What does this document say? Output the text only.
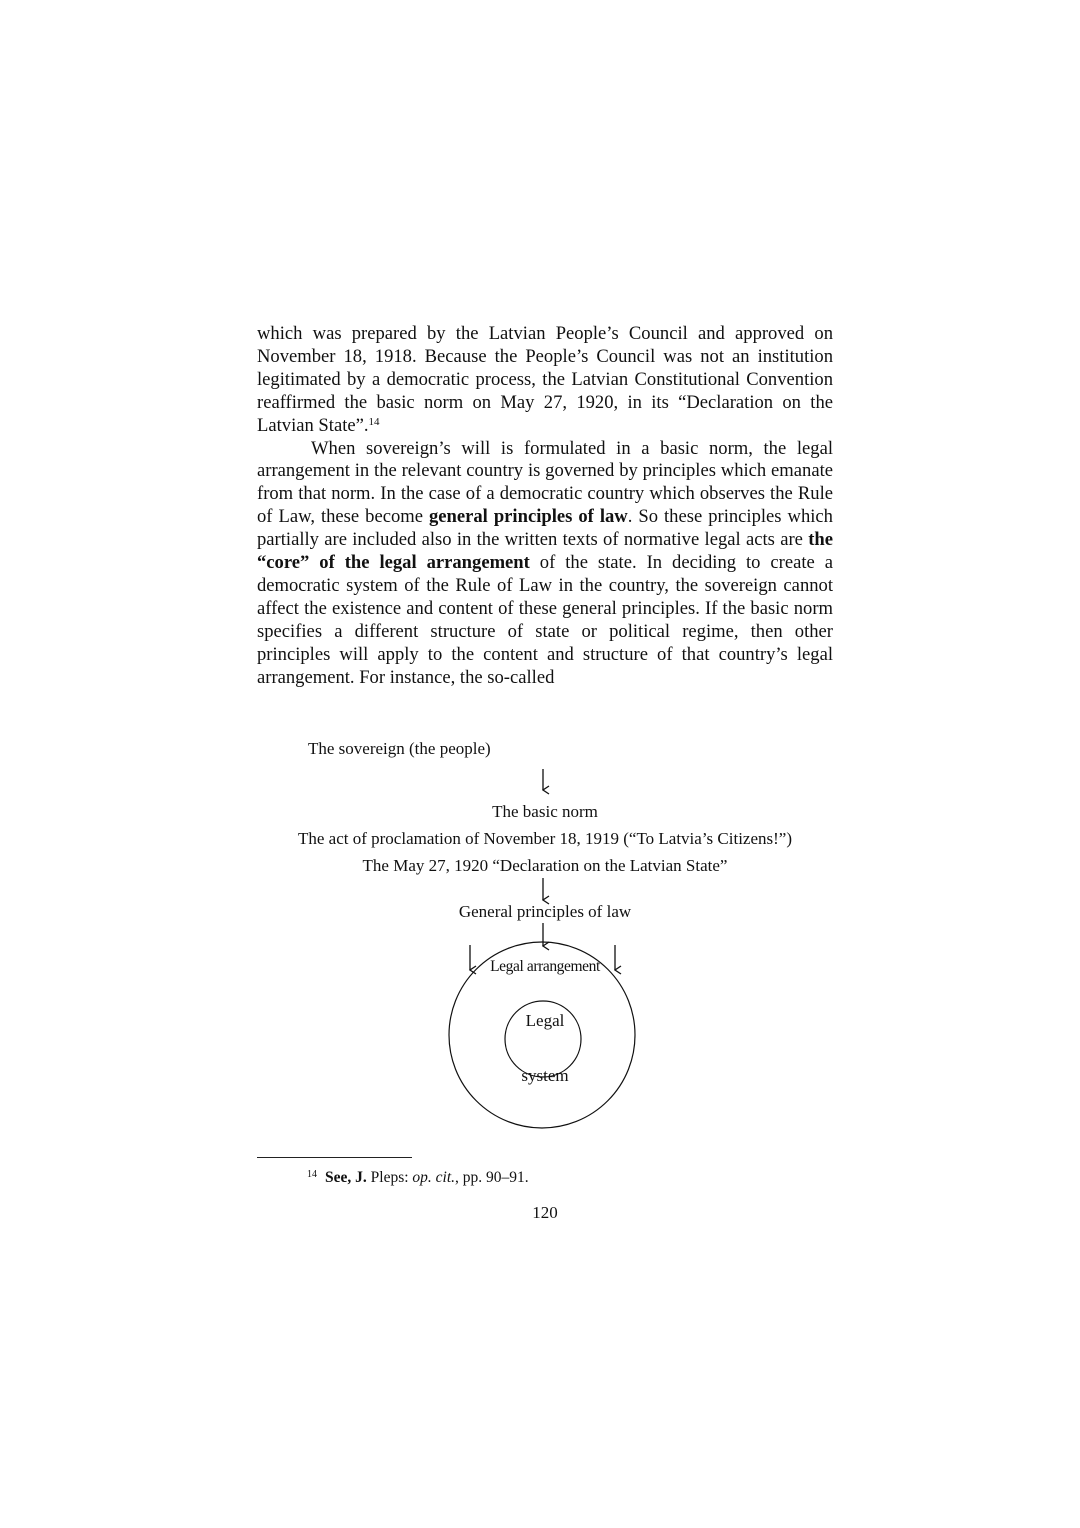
which was prepared by the Latvian People’s Council and approved on November 18, 1918. Because the People’s Council was not an institution legitimated by a democratic process, the Latvian Constitutional Convention reaffirmed the basic norm on May 27, 1920, in its “Declaration on the Latvian State”.$^{14}$

When sovereign’s will is formulated in a basic norm, the legal arrangement in the relevant country is governed by principles which emanate from that norm. In the case of a democratic country which observes the Rule of Law, these become general principles of law. So these principles which partially are included also in the written texts of normative legal acts are the “core” of the legal arrangement of the state. In deciding to create a democratic system of the Rule of Law in the country, the sovereign cannot affect the existence and content of these general principles. If the basic norm specifies a different structure of state or political regime, then other principles will apply to the content and structure of that country’s legal arrangement. For instance, the so-called

The sovereign (the people)
The basic norm
The act of proclamation of November 18, 1919 (“To Latvia’s Citizens!”)
The May 27, 1920 “Declaration on the Latvian State”
General principles of law
Legal arrangement
Legal
system
$^{14}$ See, J. Pleps: op. cit., pp. 90–91.
120
